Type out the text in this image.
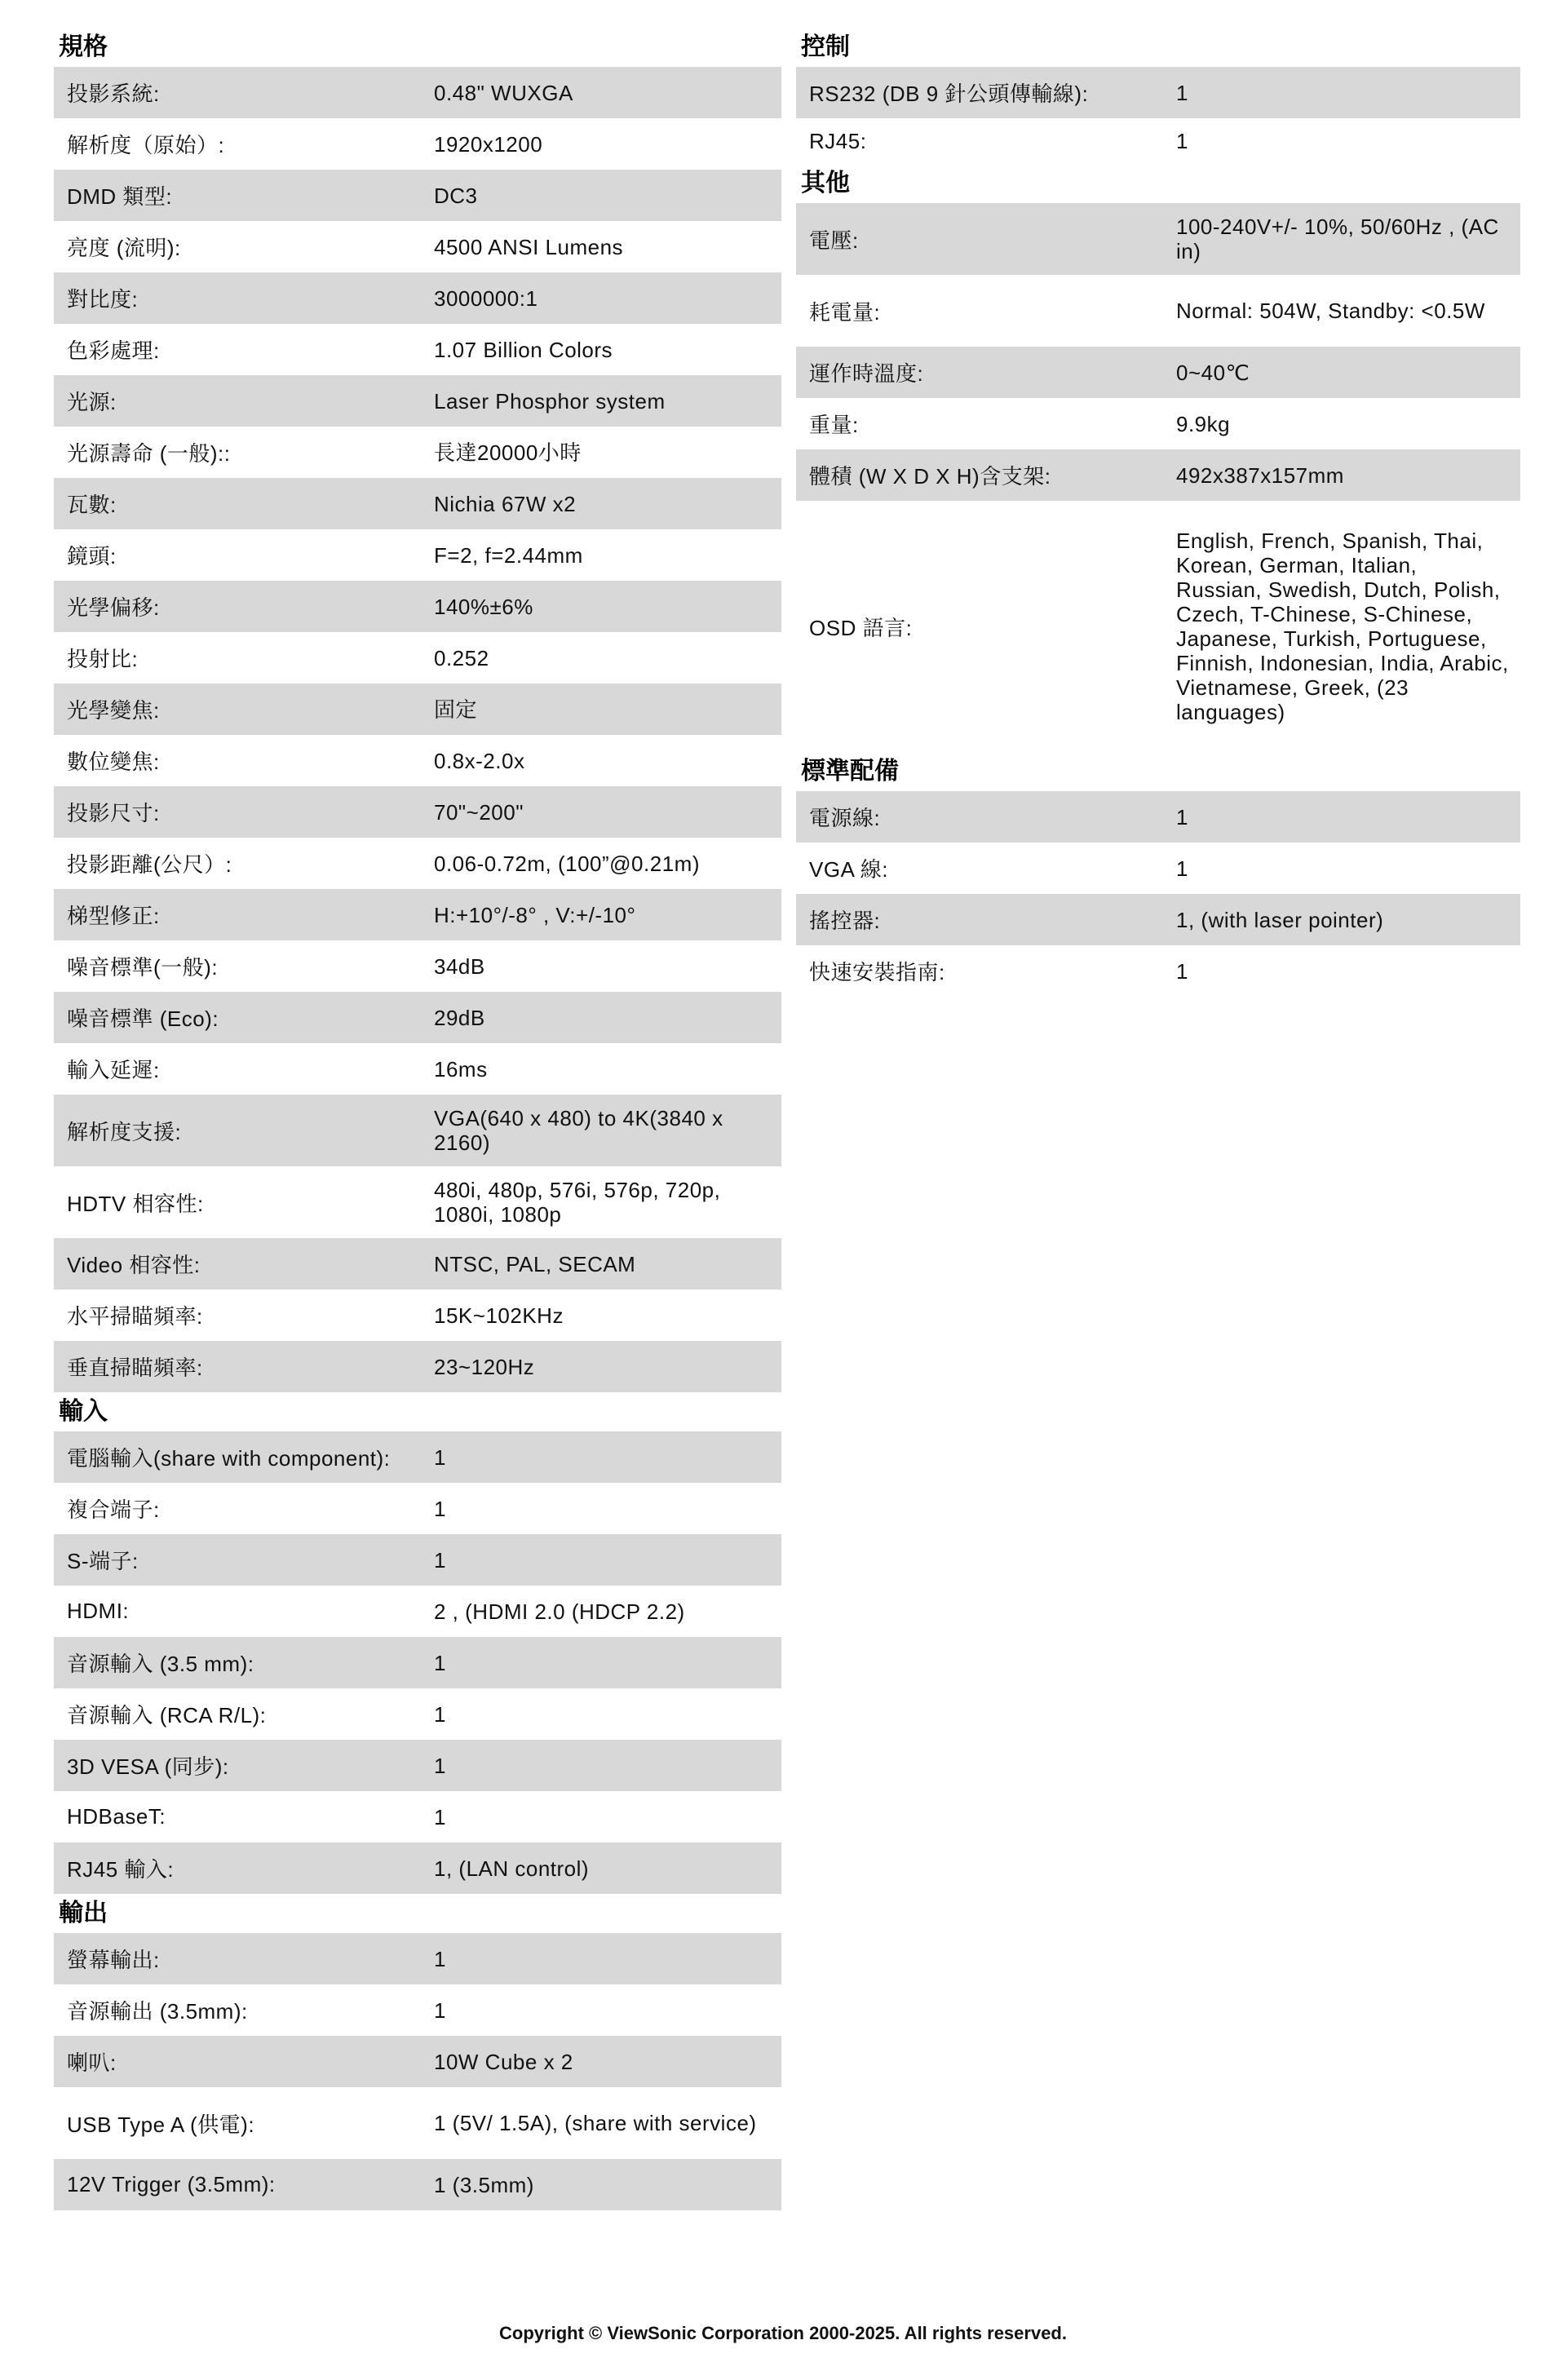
規格
投影系統:	0.48" WUXGA
解析度（原始）:	1920x1200
DMD 類型:	DC3
亮度 (流明):	4500 ANSI Lumens
對比度:	3000000:1
色彩處理:	1.07 Billion Colors
光源:	Laser Phosphor system
光源壽命 (一般)::	長達20000小時
瓦數:	Nichia 67W x2
鏡頭:	F=2, f=2.44mm
光學偏移:	140%±6%
投射比:	0.252
光學變焦:	固定
數位變焦:	0.8x-2.0x
投影尺寸:	70"~200"
投影距離(公尺）:	0.06-0.72m, (100”@0.21m)
梯型修正:	H:+10°/-8° , V:+/-10°
噪音標準(一般):	34dB
噪音標準 (Eco):	29dB
輸入延遲:	16ms
解析度支援:
VGA(640 x 480) to 4K(3840 x 2160)
HDTV 相容性:
480i, 480p, 576i, 576p, 720p, 1080i, 1080p
Video 相容性:	NTSC, PAL, SECAM
水平掃瞄頻率:	15K~102KHz
垂直掃瞄頻率:	23~120Hz
輸入
電腦輸入(share with component):	1
複合端子:	1
S-端子:	1
HDMI:	2 , (HDMI 2.0 (HDCP 2.2)
音源輸入 (3.5 mm):	1
音源輸入 (RCA R/L):	1
3D VESA (同步):	1
HDBaseT:	1
RJ45 輸入:	1, (LAN control)
輸出
螢幕輸出:	1
音源輸出 (3.5mm):	1
喇叭:	10W Cube x 2
USB Type A (供電):	1 (5V/ 1.5A), (share with service)
12V Trigger (3.5mm):	1 (3.5mm)
控制
RS232 (DB 9 針公頭傳輸線):	1
RJ45:	1
其他
電壓:
100-240V+/- 10%, 50/60Hz , (AC in)
耗電量:	Normal: 504W, Standby: <0.5W
運作時溫度:	0~40℃
重量:	9.9kg
體積 (W X D X H)含支架:	492x387x157mm
OSD 語言:
English, French, Spanish, Thai, Korean, German, Italian, Russian, Swedish, Dutch, Polish, Czech, T-Chinese, S-Chinese, Japanese, Turkish, Portuguese, Finnish, Indonesian, India, Arabic, Vietnamese, Greek, (23 languages)
標準配備
電源線:	1
VGA 線:	1
搖控器:	1, (with laser pointer)
快速安裝指南:	1
Copyright © ViewSonic Corporation 2000-2025. All rights reserved.
